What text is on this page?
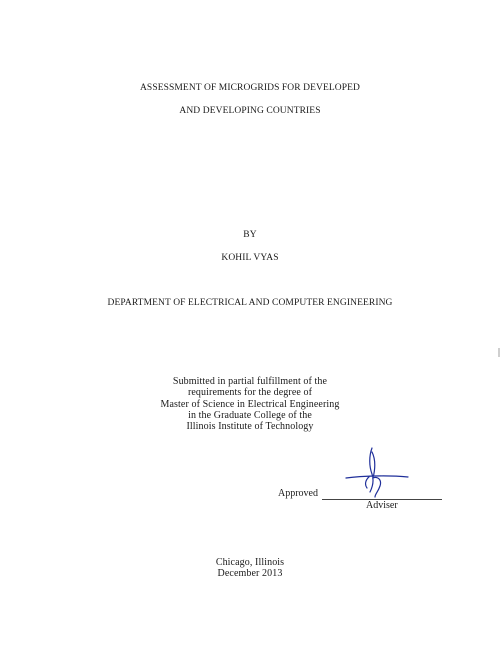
ASSESSMENT OF MICROGRIDS FOR DEVELOPED
AND DEVELOPING COUNTRIES
BY
KOHIL VYAS
DEPARTMENT OF ELECTRICAL AND COMPUTER ENGINEERING
Submitted in partial fulfillment of the
requirements for the degree of
Master of Science in Electrical Engineering
in the Graduate College of the
Illinois Institute of Technology
Approved
Adviser
Chicago, Illinois
December 2013
